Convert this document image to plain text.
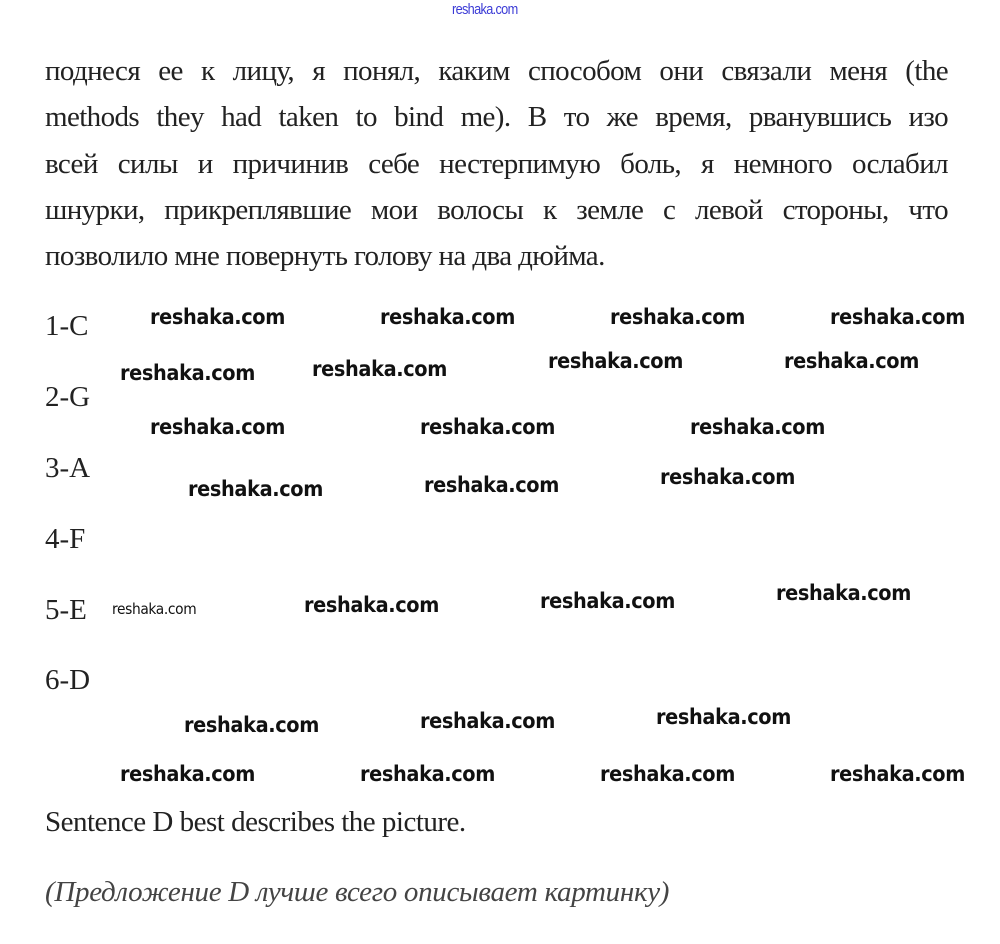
reshaka.com
поднеся ее к лицу, я понял, каким способом они связали меня (the
methods they had taken to bind me). В то же время, рванувшись изо
всей силы и причинив себе нестерпимую боль, я немного ослабил
шнурки, прикреплявшие мои волосы к земле с левой стороны, что
позволило мне повернуть голову на два дюйма.
1-C
2-G
3-A
4-F
5-E
6-D
Sentence D best describes the picture.
(Предложение D лучше всего описывает картинку)
reshaka.com	reshaka.com	reshaka.com	reshaka.com
reshaka.com	reshaka.com	reshaka.com
reshaka.com	reshaka.com	reshaka.com	reshaka.com
reshaka.com	reshaka.com	reshaka.com
reshaka.com	reshaka.com	reshaka.com	reshaka.com
reshaka.com	reshaka.com	reshaka.com
reshaka.com	reshaka.com
reshaka.com
reshaka.com
